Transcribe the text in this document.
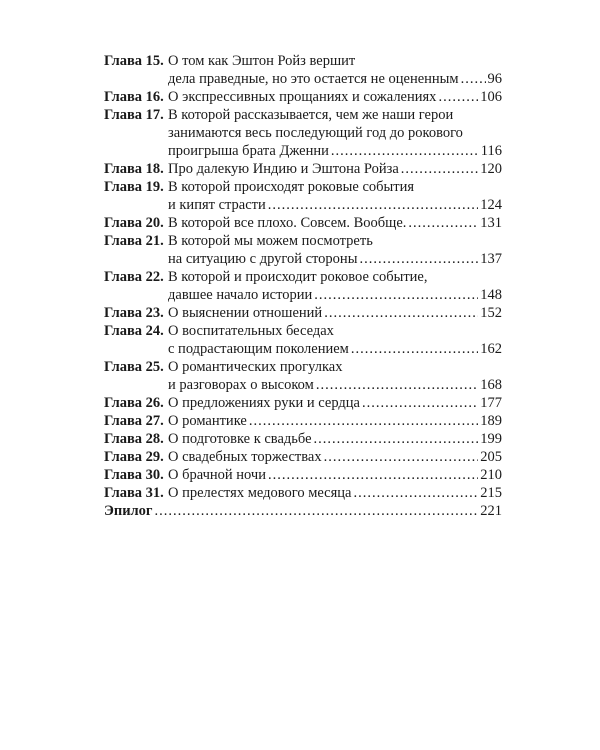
Глава 15. О том как Эштон Ройз вершит
дела праведные, но это остается не оцененным ..... 96
Глава 16. О экспрессивных прощаниях и сожалениях .....	106
Глава 17. В которой рассказывается, чем же наши герои
занимаются весь последующий год до рокового
проигрыша брата Дженни .....	116
Глава 18. Про далекую Индию и Эштона Ройза .....	120
Глава 19. В которой происходят роковые события
и кипят страсти .....	124
Глава 20. В которой все плохо. Совсем. Вообще. .....	131
Глава 21. В которой мы можем посмотреть
на ситуацию с другой стороны .....	137
Глава 22. В которой и происходит роковое событие,
давшее начало истории .....	148
Глава 23. О выяснении отношений .....	152
Глава 24. О воспитательных беседах
с подрастающим поколением .....	162
Глава 25. О романтических прогулках
и разговорах о высоком .....	168
Глава 26. О предложениях руки и сердца .....	177
Глава 27. О романтике .....	189
Глава 28. О подготовке к свадьбе .....	199
Глава 29. О свадебных торжествах .....	205
Глава 30. О брачной ночи .....	210
Глава 31. О прелестях медового месяца .....	215
Эпилог .....	221
